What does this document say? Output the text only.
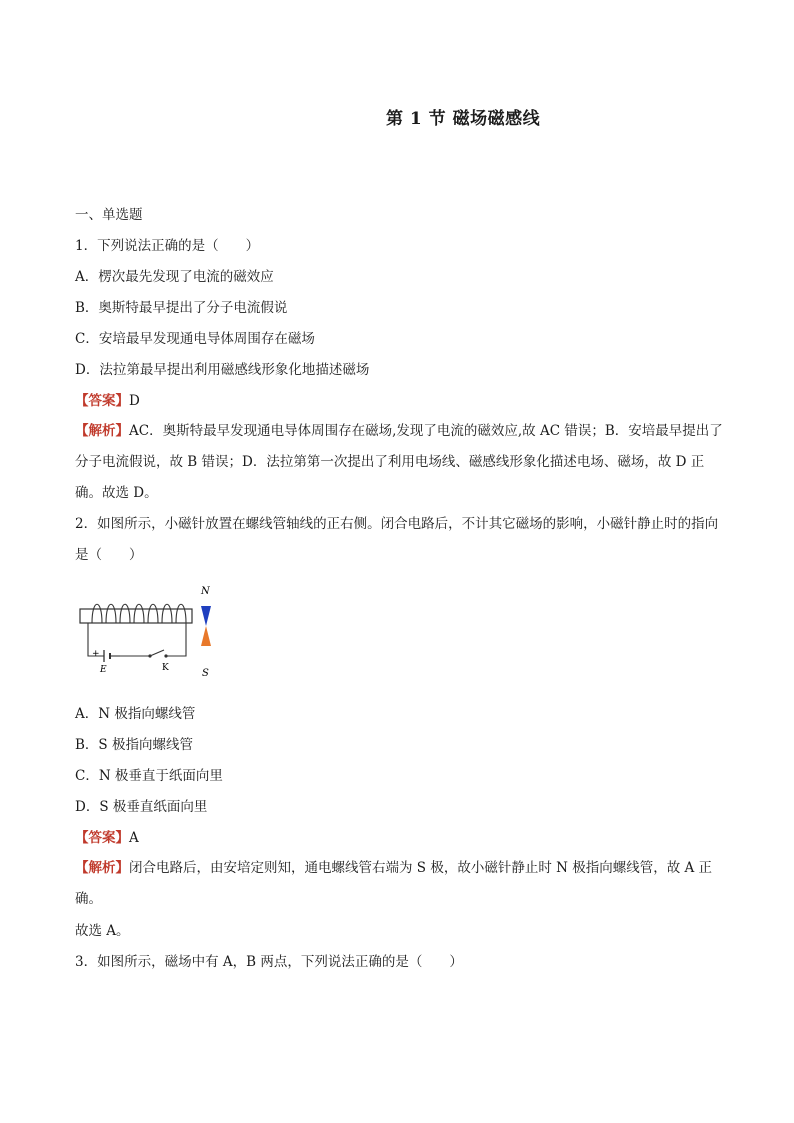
第 1 节 磁场磁感线
一、单选题
1．下列说法正确的是（　　）
A．楞次最先发现了电流的磁效应
B．奥斯特最早提出了分子电流假说
C．安培最早发现通电导体周围存在磁场
D．法拉第最早提出利用磁感线形象化地描述磁场
【答案】D
【解析】AC．奥斯特最早发现通电导体周围存在磁场,发现了电流的磁效应,故 AC 错误；B．安培最早提出了分子电流假说，故 B 错误；D．法拉第第一次提出了利用电场线、磁感线形象化描述电场、磁场，故 D 正确。故选 D。
2．如图所示，小磁针放置在螺线管轴线的正右侧。闭合电路后，不计其它磁场的影响，小磁针静止时的指向是（　　）
+
E	K
N
S
A．N 极指向螺线管
B．S 极指向螺线管
C．N 极垂直于纸面向里
D．S 极垂直纸面向里
【答案】A
【解析】闭合电路后，由安培定则知，通电螺线管右端为 S 极，故小磁针静止时 N 极指向螺线管，故 A 正确。
故选 A。
3．如图所示，磁场中有 A，B 两点，下列说法正确的是（　　）
